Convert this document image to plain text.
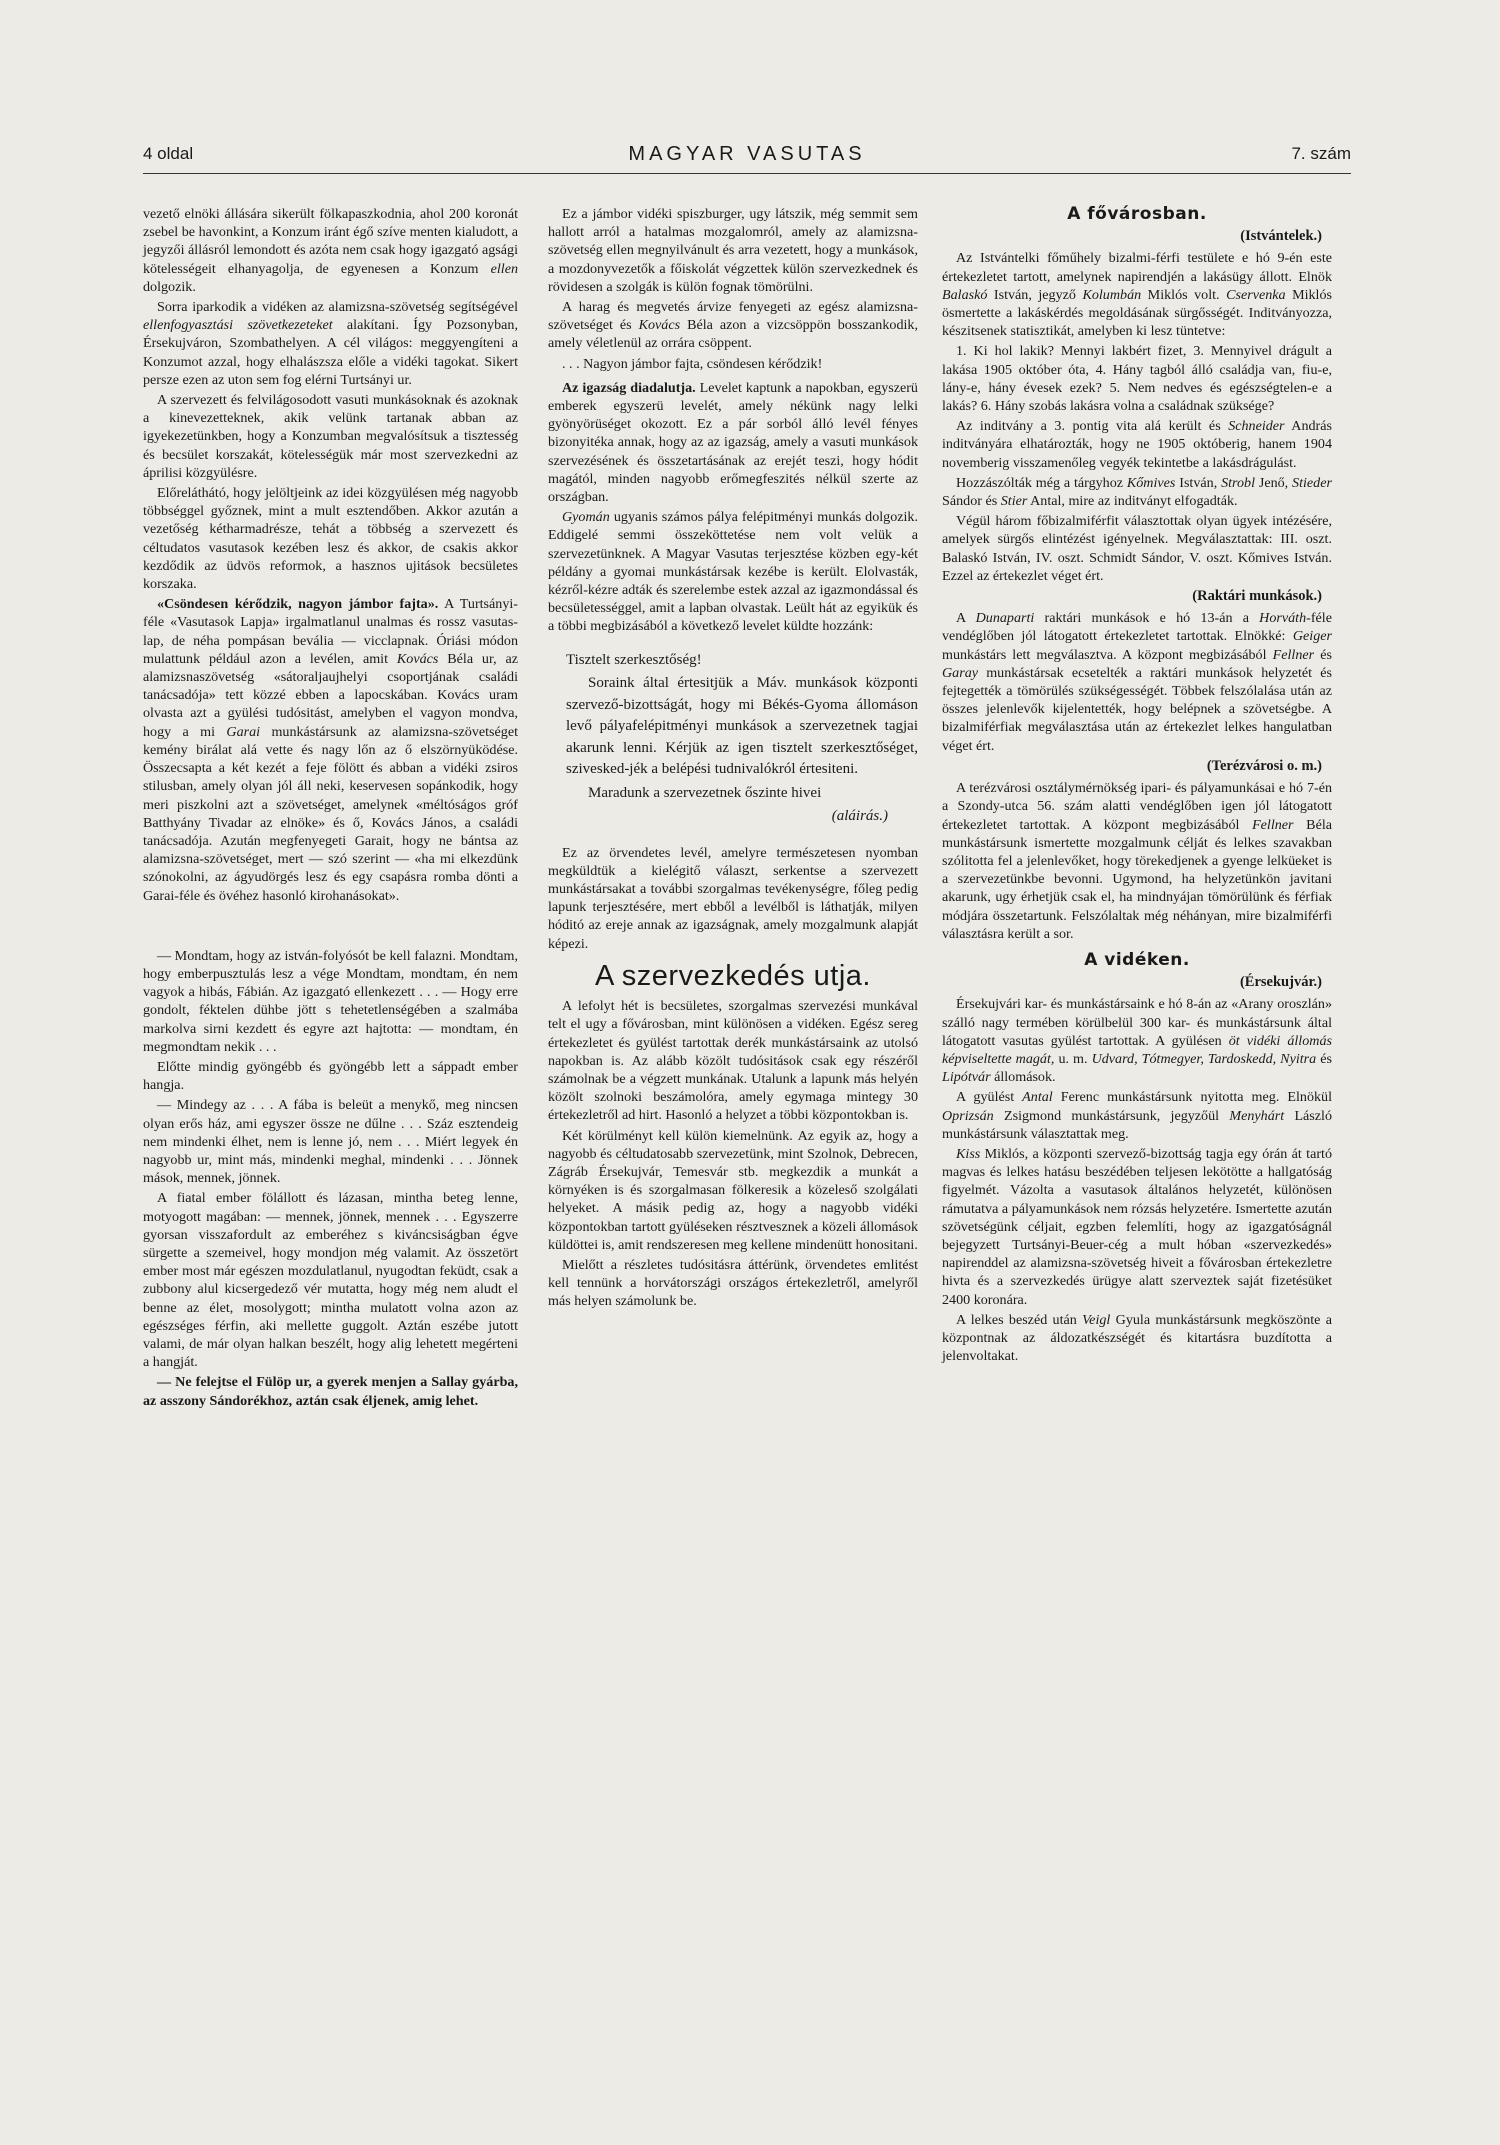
4 oldal	MAGYAR VASUTAS	7. szám

vezető elnöki állására sikerült fölkapaszkodnia, ahol 200 koronát zsebel be havonkint, a Konzum iránt égő szíve menten kialudott, a jegyzői állásról lemondott és azóta nem csak hogy igazgató agsági kötelességeit elhanyagolja, de egyenesen a Konzum ellen dolgozik.

Sorra iparkodik a vidéken az alamizsna-szövetség segítségével ellenfogyasztási szövetkezeteket alakítani. Így Pozsonyban, Érsekujváron, Szombathelyen. A cél világos: meggyengíteni a Konzumot azzal, hogy elhalászsza előle a vidéki tagokat. Sikert persze ezen az uton sem fog elérni Turtsányi ur.

A szervezett és felvilágosodott vasuti munkásoknak és azoknak a kinevezetteknek, akik velünk tartanak abban az igyekezetünkben, hogy a Konzumban megvalósítsuk a tisztesség és becsület korszakát, kötelességük már most szervezkedni az áprilisi közgyülésre.

Előreláthátó, hogy jelöltjeink az idei közgyülésen még nagyobb többséggel győznek, mint a mult esztendőben. Akkor azután a vezetőség kétharmadrésze, tehát a többség a szervezett és céltudatos vasutasok kezében lesz és akkor, de csakis akkor kezdődik az üdvös reformok, a hasznos ujitások becsületes korszaka.

«Csöndesen kérődzik, nagyon jámbor fajta». A Turtsányi-féle «Vasutasok Lapja» irgalmatlanul unalmas és rossz vasutas-lap, de néha pompásan bevália — vicclapnak. Óriási módon mulattunk például azon a levélen, amit Kovács Béla ur, az alamizsnaszövetség «sátoraljaujhelyi csoportjának családi tanácsadója» tett közzé ebben a lapocskában. Kovács uram olvasta azt a gyülési tudósitást, amelyben el vagyon mondva, hogy a mi Garai munkástársunk az alamizsna-szövetséget kemény birálat alá vette és nagy lőn az ő elszörnyüködése. Összecsapta a két kezét a feje fölött és abban a vidéki zsiros stilusban, amely olyan jól áll neki, keservesen sopánkodik, hogy meri piszkolni azt a szövetséget, amelynek «méltóságos gróf Batthyány Tivadar az elnöke» és ő, Kovács János, a családi tanácsadója. Azután megfenyegeti Garait, hogy ne bántsa az alamizsna-szövetséget, mert — szó szerint — «ha mi elkezdünk szónokolni, az ágyudörgés lesz és egy csapásra romba dönti a Garai-féle és övéhez hasonló kirohanásokat».

— Mondtam, hogy az istván-folyósót be kell falazni. Mondtam, hogy emberpusztulás lesz a vége Mondtam, mondtam, én nem vagyok a hibás, Fábián. Az igazgató ellenkezett . . . — Hogy erre gondolt, féktelen dühbe jött s tehetetlenségében a szalmába markolva sirni kezdett és egyre azt hajtotta: — mondtam, én megmondtam nekik . . .

Előtte mindig gyöngébb és gyöngébb lett a sáppadt ember hangja.

— Mindegy az . . . A fába is beleüt a menykő, meg nincsen olyan erős ház, ami egyszer össze ne dűlne . . . Száz esztendeig nem mindenki élhet, nem is lenne jó, nem . . . Miért legyek én nagyobb ur, mint más, mindenki meghal, mindenki . . . Jönnek mások, mennek, jönnek.

A fiatal ember fölállott és lázasan, mintha beteg lenne, motyogott magában: — mennek, jönnek, mennek . . . Egyszerre gyorsan visszafordult az emberéhez s kiváncsiságban égve sürgette a szemeivel, hogy mondjon még valamit. Az összetört ember most már egészen mozdulatlanul, nyugodtan feküdt, csak a zubbony alul kicsergedező vér mutatta, hogy még nem aludt el benne az élet, mosolygott; mintha mulatott volna azon az egészséges férfin, aki mellette guggolt. Aztán eszébe jutott valami, de már olyan halkan beszélt, hogy alig lehetett megérteni a hangját.

— Ne felejtse el Fülöp ur, a gyerek menjen a Sallay gyárba, az asszony Sándorékhoz, aztán csak éljenek, amig lehet.

Ez a jámbor vidéki spiszburger, ugy látszik, még semmit sem hallott arról a hatalmas mozgalomról, amely az alamizsna-szövetség ellen megnyilvánult és arra vezetett, hogy a munkások, a mozdonyvezetők a főiskolát végzettek külön szervezkednek és rövidesen a szolgák is külön fognak tömörülni.

A harag és megvetés árvize fenyegeti az egész alamizsna-szövetséget és Kovács Béla azon a vizcsöppön bosszankodik, amely véletlenül az orrára csöppent.

. . . Nagyon jámbor fajta, csöndesen kérődzik!

Az igazság diadalutja. Levelet kaptunk a napokban, egyszerü emberek egyszerü levelét, amely nékünk nagy lelki gyönyörüséget okozott. Ez a pár sorból álló levél fényes bizonyitéka annak, hogy az az igazság, amely a vasuti munkások szervezésének és összetartásának az erejét teszi, hogy hódit magától, minden nagyobb erőmegfeszités nélkül szerte az országban.

Gyomán ugyanis számos pálya felépitményi munkás dolgozik. Eddigelé semmi összeköttetése nem volt velük a szervezetünknek. A Magyar Vasutas terjesztése közben egy-két példány a gyomai munkástársak kezébe is került. Elolvasták, kézről-kézre adták és szerelembe estek azzal az igazmondással és becsületességgel, amit a lapban olvastak. Leült hát az egyikük és a többi megbizásából a következő levelet küldte hozzánk:

Tisztelt szerkesztőség!

Soraink által értesitjük a Máv. munkások központi szervező-bizottságát, hogy mi Békés-Gyoma állomáson levő pályafelépitményi munkások a szervezetnek tagjai akarunk lenni. Kérjük az igen tisztelt szerkesztőséget, szivesked-jék a belépési tudnivalókról értesiteni.

Maradunk a szervezetnek őszinte hivei

(aláirás.)

Ez az örvendetes levél, amelyre természetesen nyomban megküldtük a kielégitő választ, serkentse a szervezett munkástársakat a további szorgalmas tevékenységre, főleg pedig lapunk terjesztésére, mert ebből a levélből is láthatják, milyen hóditó az ereje annak az igazságnak, amely mozgalmunk alapját képezi.

A szervezkedés utja.

A lefolyt hét is becsületes, szorgalmas szervezési munkával telt el ugy a fővárosban, mint különösen a vidéken. Egész sereg értekezletet és gyülést tartottak derék munkástársaink az utolsó napokban is. Az alább közölt tudósitások csak egy részéről számolnak be a végzett munkának. Utalunk a lapunk más helyén közölt szolnoki beszámolóra, amely egymaga mintegy 30 értekezletről ad hirt. Hasonló a helyzet a többi központokban is.

Két körülményt kell külön kiemelnünk. Az egyik az, hogy a nagyobb és céltudatosabb szervezetünk, mint Szolnok, Debrecen, Zágráb Érsekujvár, Temesvár stb. megkezdik a munkát a környéken is és szorgalmasan fölkeresik a közeleső szolgálati helyeket. A másik pedig az, hogy a nagyobb vidéki központokban tartott gyüléseken résztvesznek a közeli állomások küldöttei is, amit rendszeresen meg kellene mindenütt honositani.

Mielőtt a részletes tudósitásra áttérünk, örvendetes emlitést kell tennünk a horvátországi országos értekezletről, amelyről más helyen számolunk be.

A fővárosban.
(Istvántelek.)

Az Istvántelki főműhely bizalmi-férfi testülete e hó 9-én este értekezletet tartott, amelynek napirendjén a lakásügy állott. Elnök Balaskó István, jegyző Kolumbán Miklós volt. Cservenka Miklós ösmertette a lakáskérdés megoldásának sürgősségét. Inditványozza, készitsenek statisztikát, amelyben ki lesz tüntetve:

1. Ki hol lakik? Mennyi lakbért fizet, 3. Mennyivel drágult a lakása 1905 október óta, 4. Hány tagból álló családja van, fiu-e, lány-e, hány évesek ezek? 5. Nem nedves és egészségtelen-e a lakás? 6. Hány szobás lakásra volna a családnak szüksége?

Az inditvány a 3. pontig vita alá került és Schneider András inditványára elhatározták, hogy ne 1905 októberig, hanem 1904 novemberig visszamenőleg vegyék tekintetbe a lakásdrágulást.

Hozzászólták még a tárgyhoz Kőmives István, Strobl Jenő, Stieder Sándor és Stier Antal, mire az inditványt elfogadták.

Végül három főbizalmiférfit választottak olyan ügyek intézésére, amelyek sürgős elintézést igényelnek. Megválasztattak: III. oszt. Balaskó István, IV. oszt. Schmidt Sándor, V. oszt. Kőmives István. Ezzel az értekezlet véget ért.

(Raktári munkások.)

A Dunaparti raktári munkások e hó 13-án a Horváth-féle vendéglőben jól látogatott értekezletet tartottak. Elnökké: Geiger munkástárs lett megválasztva. A központ megbizásából Fellner és Garay munkástársak ecsetelték a raktári munkások helyzetét és fejtegették a tömörülés szükségességét. Többek felszólalása után az összes jelenlevők kijelentették, hogy belépnek a szövetségbe. A bizalmiférfiak megválasztása után az értekezlet lelkes hangulatban véget ért.

(Terézvárosi o. m.)

A terézvárosi osztálymérnökség ipari- és pályamunkásai e hó 7-én a Szondy-utca 56. szám alatti vendéglőben igen jól látogatott értekezletet tartottak. A központ megbizásából Fellner Béla munkástársunk ismertette mozgalmunk célját és lelkes szavakban szólitotta fel a jelenlevőket, hogy törekedjenek a gyenge lelküeket is a szervezetünkbe bevonni. Ugymond, ha helyzetünkön javitani akarunk, ugy érhetjük csak el, ha mindnyájan tömörülünk és férfiak módjára összetartunk. Felszólaltak még néhányan, mire bizalmiférfi választásra került a sor.

A vidéken.
(Érsekujvár.)

Érsekujvári kar- és munkástársaink e hó 8-án az «Arany oroszlán» szálló nagy termében körülbelül 300 kar- és munkástársunk által látogatott vasutas gyülést tartottak. A gyülésen öt vidéki állomás képviseltette magát, u. m. Udvard, Tótmegyer, Tardoskedd, Nyitra és Lipótvár állomások.

A gyülést Antal Ferenc munkástársunk nyitotta meg. Elnökül Oprizsán Zsigmond munkástársunk, jegyzőül Menyhárt László munkástársunk választattak meg.

Kiss Miklós, a központi szervező-bizottság tagja egy órán át tartó magvas és lelkes hatásu beszédében teljesen lekötötte a hallgatóság figyelmét. Vázolta a vasutasok általános helyzetét, különösen rámutatva a pályamunkások nem rózsás helyzetére. Ismertette azután szövetségünk céljait, egzben felemlíti, hogy az igazgatóságnál bejegyzett Turtsányi-Beuer-cég a mult hóban «szervezkedés» napirenddel az alamizsna-szövetség hiveit a fővárosban értekezletre hivta és a szervezkedés ürügye alatt szerveztek saját fizetésüket 2400 koronára.

A lelkes beszéd után Veigl Gyula munkástársunk megköszönte a központnak az áldozatkészségét és kitartásra buzdította a jelenvoltakat.
